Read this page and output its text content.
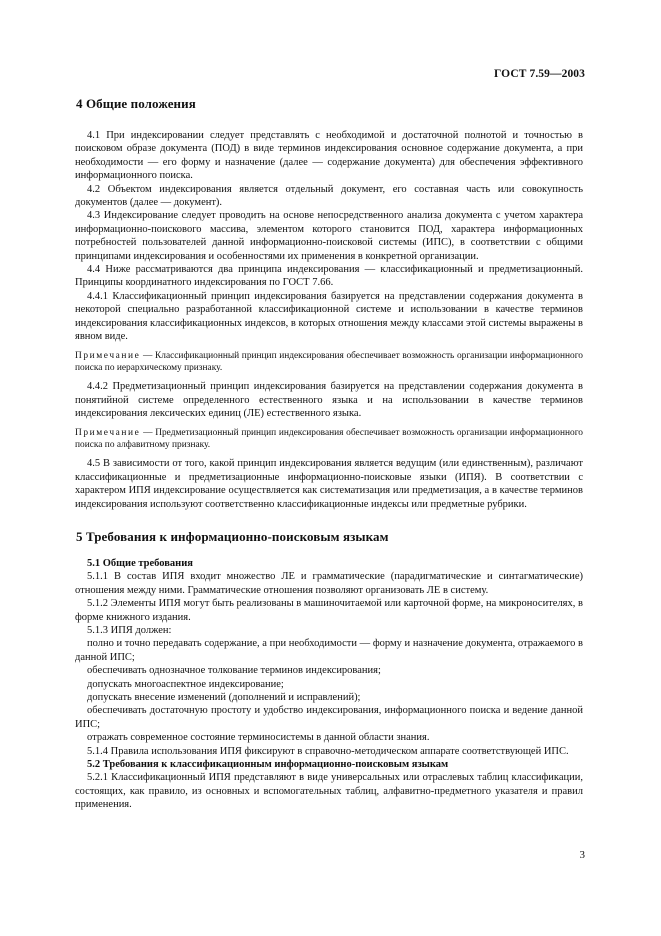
ГОСТ 7.59—2003
4 Общие положения

4.1 При индексировании следует представлять с необходимой и достаточной полнотой и точностью в поисковом образе документа (ПОД) в виде терминов индексирования основное содержание документа, а при необходимости — его форму и назначение (далее — содержание документа) для обеспечения эффективного информационного поиска.

4.2 Объектом индексирования является отдельный документ, его составная часть или совокупность документов (далее — документ).

4.3 Индексирование следует проводить на основе непосредственного анализа документа с учетом характера информационно-поискового массива, элементом которого становится ПОД, характера информационных потребностей пользователей данной информационно-поисковой системы (ИПС), в соответствии с общими принципами индексирования и особенностями их применения в конкретной организации.

4.4 Ниже рассматриваются два принципа индексирования — классификационный и предметизационный. Принципы координатного индексирования по ГОСТ 7.66.

4.4.1 Классификационный принцип индексирования базируется на представлении содержания документа в некоторой специально разработанной классификационной системе и использовании в качестве терминов индексирования классификационных индексов, в которых отношения между классами этой системы выражены в явном виде.

Примечание — Классификационный принцип индексирования обеспечивает возможность организации информационного поиска по иерархическому признаку.

4.4.2 Предметизационный принцип индексирования базируется на представлении содержания документа в понятийной системе определенного естественного языка и на использовании в качестве терминов индексирования лексических единиц (ЛЕ) естественного языка.

Примечание — Предметизационный принцип индексирования обеспечивает возможность организации информационного поиска по алфавитному признаку.

4.5 В зависимости от того, какой принцип индексирования является ведущим (или единственным), различают классификационные и предметизационные информационно-поисковые языки (ИПЯ). В соответствии с характером ИПЯ индексирование осуществляется как систематизация или предметизация, а в качестве терминов индексирования используют соответственно классификационные индексы или предметные рубрики.

5 Требования к информационно-поисковым языкам
5.1 Общие требования

5.1.1 В состав ИПЯ входит множество ЛЕ и грамматические (парадигматические и синтагматические) отношения между ними. Грамматические отношения позволяют организовать ЛЕ в систему.

5.1.2 Элементы ИПЯ могут быть реализованы в машиночитаемой или карточной форме, на микроносителях, в форме книжного издания.

5.1.3 ИПЯ должен:

полно и точно передавать содержание, а при необходимости — форму и назначение документа, отражаемого в данной ИПС;

обеспечивать однозначное толкование терминов индексирования;

допускать многоаспектное индексирование;

допускать внесение изменений (дополнений и исправлений);

обеспечивать достаточную простоту и удобство индексирования, информационного поиска и ведение данной ИПС;

отражать современное состояние терминосистемы в данной области знания.

5.1.4 Правила использования ИПЯ фиксируют в справочно-методическом аппарате соответствующей ИПС.

5.2 Требования к классификационным информационно-поисковым языкам

5.2.1 Классификационный ИПЯ представляют в виде универсальных или отраслевых таблиц классификации, состоящих, как правило, из основных и вспомогательных таблиц, алфавитно-предметного указателя и правил применения.

3
